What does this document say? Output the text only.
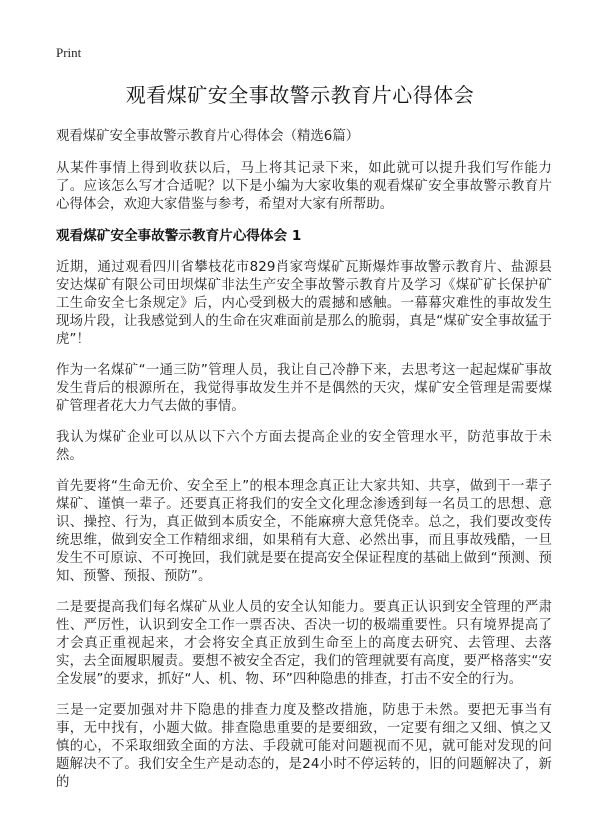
Print
观看煤矿安全事故警示教育片心得体会
观看煤矿安全事故警示教育片心得体会（精选6篇）

从某件事情上得到收获以后，马上将其记录下来，如此就可以提升我们写作能力了。应该怎么写才合适呢？以下是小编为大家收集的观看煤矿安全事故警示教育片心得体会，欢迎大家借鉴与参考，希望对大家有所帮助。

观看煤矿安全事故警示教育片心得体会 1

近期，通过观看四川省攀枝花市829肖家弯煤矿瓦斯爆炸事故警示教育片、盐源县安达煤矿有限公司田坝煤矿非法生产安全事故警示教育片及学习《煤矿矿长保护矿工生命安全七条规定》后，内心受到极大的震撼和感触。一幕幕灾难性的事故发生现场片段，让我感觉到人的生命在灾难面前是那么的脆弱，真是“煤矿安全事故猛于虎”！

作为一名煤矿“一通三防”管理人员，我让自己冷静下来，去思考这一起起煤矿事故发生背后的根源所在，我觉得事故发生并不是偶然的天灾，煤矿安全管理是需要煤矿管理者花大力气去做的事情。

我认为煤矿企业可以从以下六个方面去提高企业的安全管理水平，防范事故于未然。

首先要将“生命无价、安全至上”的根本理念真正让大家共知、共享，做到干一辈子煤矿、谨慎一辈子。还要真正将我们的安全文化理念渗透到每一名员工的思想、意识、操控、行为，真正做到本质安全，不能麻痹大意凭侥幸。总之，我们要改变传统思维，做到安全工作精细求细，如果稍有大意、必然出事，而且事故残酷，一旦发生不可原谅、不可挽回，我们就是要在提高安全保证程度的基础上做到“预测、预知、预警、预报、预防”。

二是要提高我们每名煤矿从业人员的安全认知能力。要真正认识到安全管理的严肃性、严厉性，认识到安全工作一票否决、否决一切的极端重要性。只有境界提高了才会真正重视起来，才会将安全真正放到生命至上的高度去研究、去管理、去落实，去全面履职履责。要想不被安全否定，我们的管理就要有高度，要严格落实“安全发展”的要求，抓好“人、机、物、环”四种隐患的排查，打击不安全的行为。

三是一定要加强对井下隐患的排查力度及整改措施，防患于未然。要把无事当有事，无中找有，小题大做。排查隐患重要的是要细致，一定要有细之又细、慎之又慎的心，不采取细致全面的方法、手段就可能对问题视而不见，就可能对发现的问题解决不了。我们安全生产是动态的，是24小时不停运转的，旧的问题解决了，新的
